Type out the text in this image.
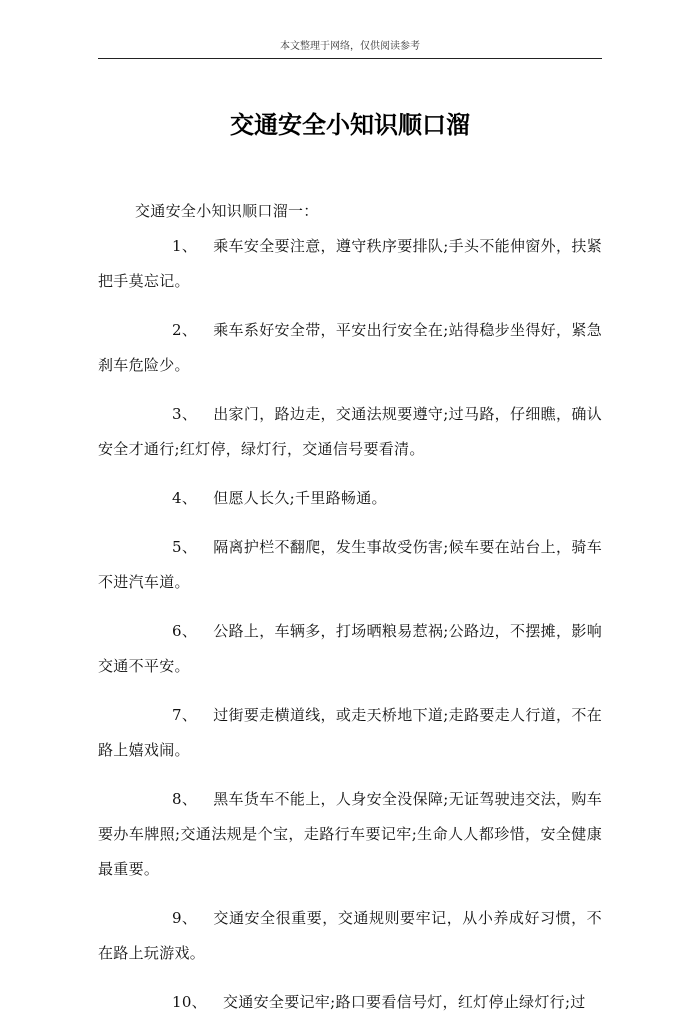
本文整理于网络，仅供阅读参考
交通安全小知识顺口溜

交通安全小知识顺口溜一：

1、 乘车安全要注意，遵守秩序要排队;手头不能伸窗外，扶紧把手莫忘记。

2、 乘车系好安全带，平安出行安全在;站得稳步坐得好，紧急刹车危险少。

3、 出家门，路边走，交通法规要遵守;过马路，仔细瞧，确认安全才通行;红灯停，绿灯行，交通信号要看清。

4、 但愿人长久;千里路畅通。

5、 隔离护栏不翻爬，发生事故受伤害;候车要在站台上，骑车不进汽车道。

6、 公路上，车辆多，打场晒粮易惹祸;公路边，不摆摊，影响交通不平安。

7、 过街要走横道线，或走天桥地下道;走路要走人行道，不在路上嬉戏闹。

8、 黑车货车不能上，人身安全没保障;无证驾驶违交法，购车要办车牌照;交通法规是个宝，走路行车要记牢;生命人人都珍惜，安全健康最重要。

9、 交通安全很重要，交通规则要牢记，从小养成好习惯，不在路上玩游戏。

10、 交通安全要记牢;路口要看信号灯，红灯停止绿灯行;过
